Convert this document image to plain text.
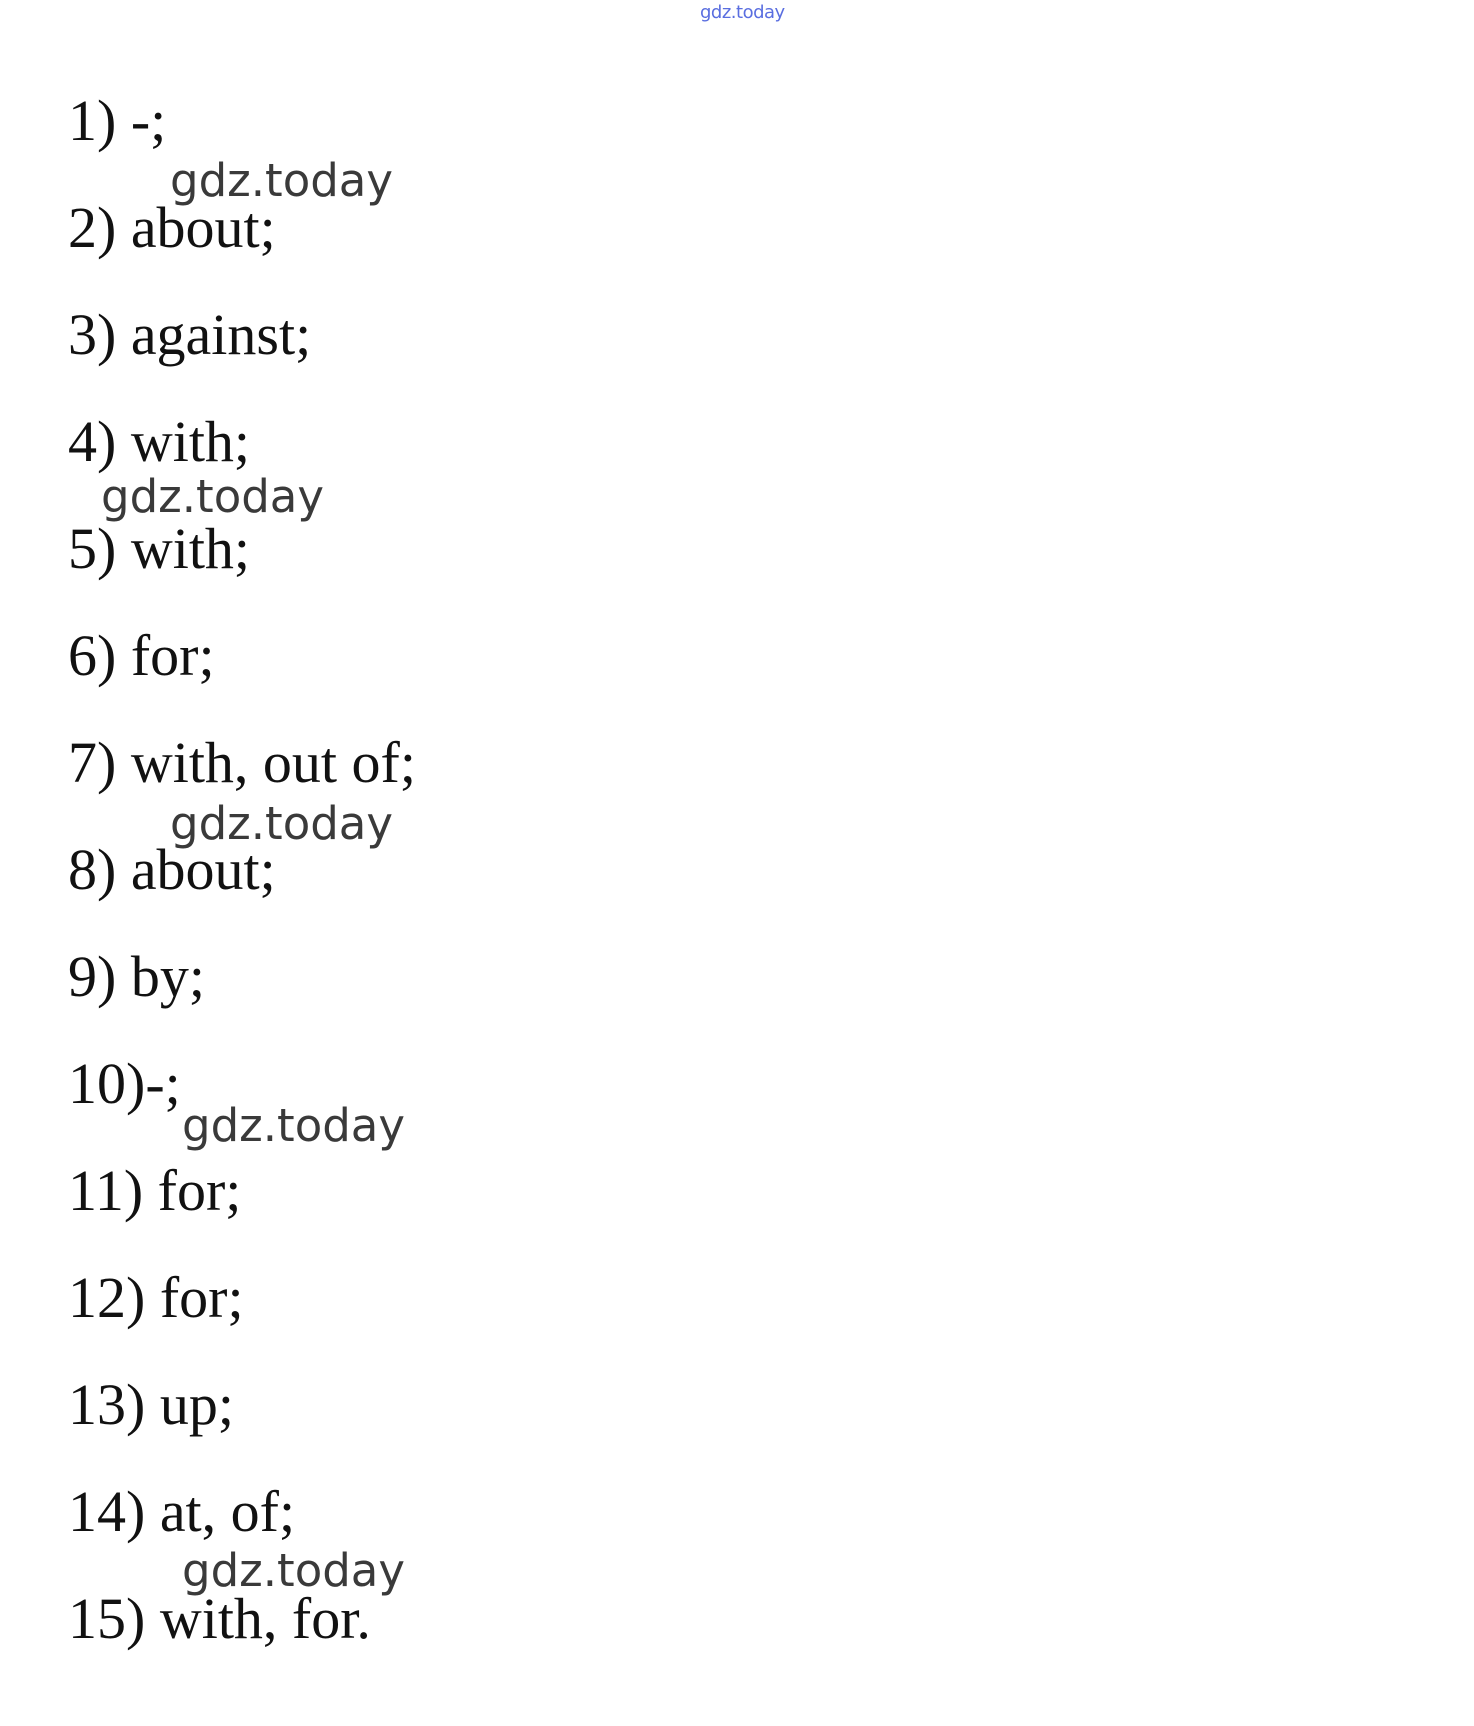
gdz.today
1) -;
2) about;
3) against;
4) with;
5) with;
6) for;
7) with, out of;
8) about;
9) by;
10)-;
11) for;
12) for;
13) up;
14) at, of;
15) with, for.
gdz.today
gdz.today
gdz.today
gdz.today
gdz.today
